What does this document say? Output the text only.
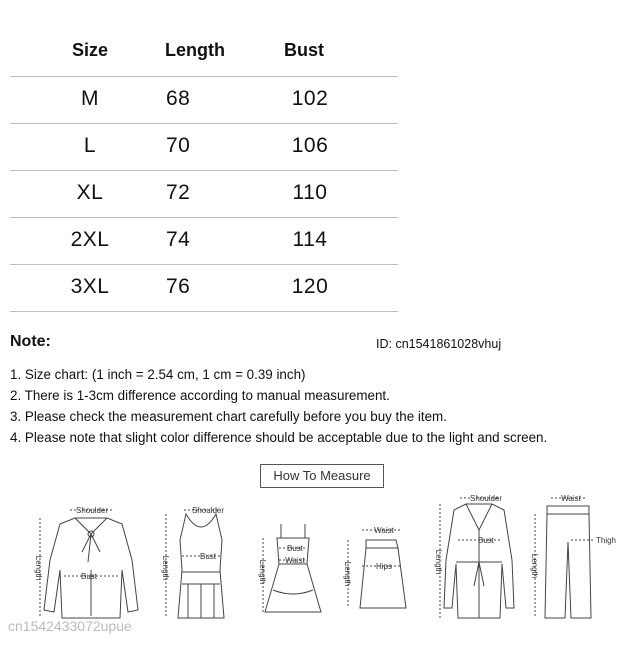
Size	Length	Bust
M	68	102
L	70	106
XL	72	110
2XL	74	114
3XL	76	120
Note:	ID: cn1541861028vhuj
1. Size chart: (1 inch = 2.54 cm, 1 cm = 0.39 inch)
2. There is 1-3cm difference according to manual measurement.
3. Please check the measurement chart carefully before you buy the item.
4. Please note that slight color difference should be acceptable due to the light and screen.
How To Measure
Shoulder
Bust
Length
Shoulder
Bust
Length
Bust
Waist
Length
Waist
Hips
Length
Shoulder
Bust
Length
Waist
Thigh
Length
cn1542433072upue
